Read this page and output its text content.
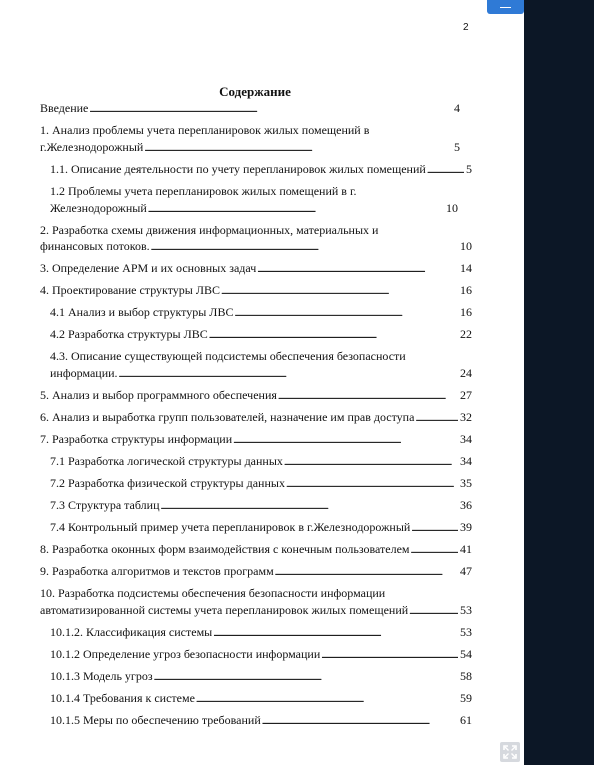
2
Содержание
Введение . . .	4
1. Анализ проблемы учета перепланировок жилых помещений в
г.Железнодорожный . . .	5
1.1. Описание деятельности по учету перепланировок жилых помещений . . .	5
1.2 Проблемы учета перепланировок жилых помещений в г.
Железнодорожный . . .	10
2. Разработка схемы движения информационных, материальных и
финансовых потоков. . . .	10
3. Определение АРМ и их основных задач . . .	14
4. Проектирование структуры ЛВС . . .	16
4.1 Анализ и выбор структуры ЛВС . . .	16
4.2 Разработка структуры ЛВС . . .	22
4.3. Описание существующей подсистемы обеспечения безопасности
информации. . . .	24
5. Анализ и выбор программного обеспечения . . .	27
6. Анализ и выработка групп пользователей, назначение им прав доступа . . .	32
7. Разработка структуры информации . . .	34
7.1 Разработка логической структуры данных . . .	34
7.2 Разработка физической структуры данных . . .	35
7.3 Структура таблиц . . .	36
7.4 Контрольный пример учета перепланировок в г.Железнодорожный . . .	39
8. Разработка оконных форм взаимодействия с конечным пользователем . . .	41
9. Разработка алгоритмов и текстов программ . . .	47
10. Разработка подсистемы обеспечения безопасности информации
автоматизированной системы учета перепланировок жилых помещений . . .	53
10.1.2. Классификация системы . . .	53
10.1.2 Определение угроз безопасности информации . . .	54
10.1.3 Модель угроз . . .	58
10.1.4 Требования к системе . . .	59
10.1.5 Меры по обеспечению требований . . .	61
